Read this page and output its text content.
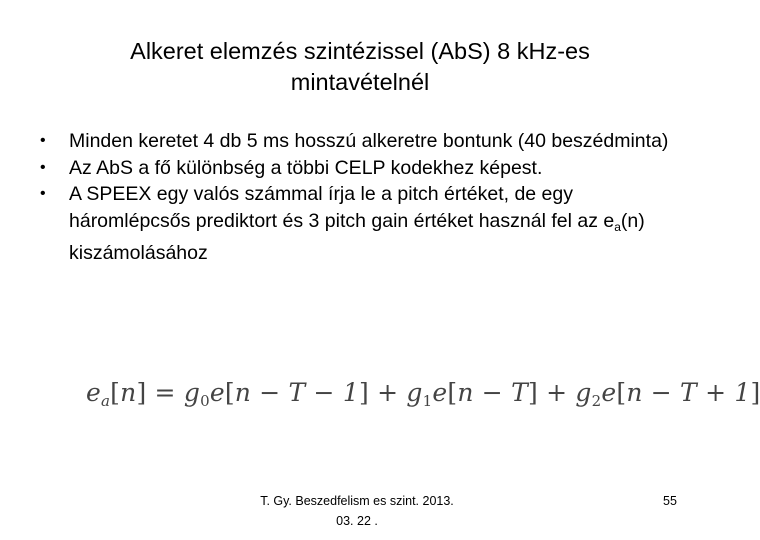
Alkeret elemzés szintézissel (AbS) 8 kHz-es
mintavételnél
•	Minden keretet 4 db 5 ms hosszú alkeretre bontunk (40 beszédminta)
•	Az AbS a fő különbség a többi CELP kodekhez képest.
•	A SPEEX egy valós számmal írja le a pitch értéket, de egy háromlépcsős prediktort és 3 pitch gain értéket használ fel az $e_a(n)$ kiszámolásához
$e_a[n] = g_0e[n - T - 1] + g_1e[n - T] + g_2e[n - T + 1]$
T. Gy. Beszedfelism es szint. 2013.
03. 22 .
55
